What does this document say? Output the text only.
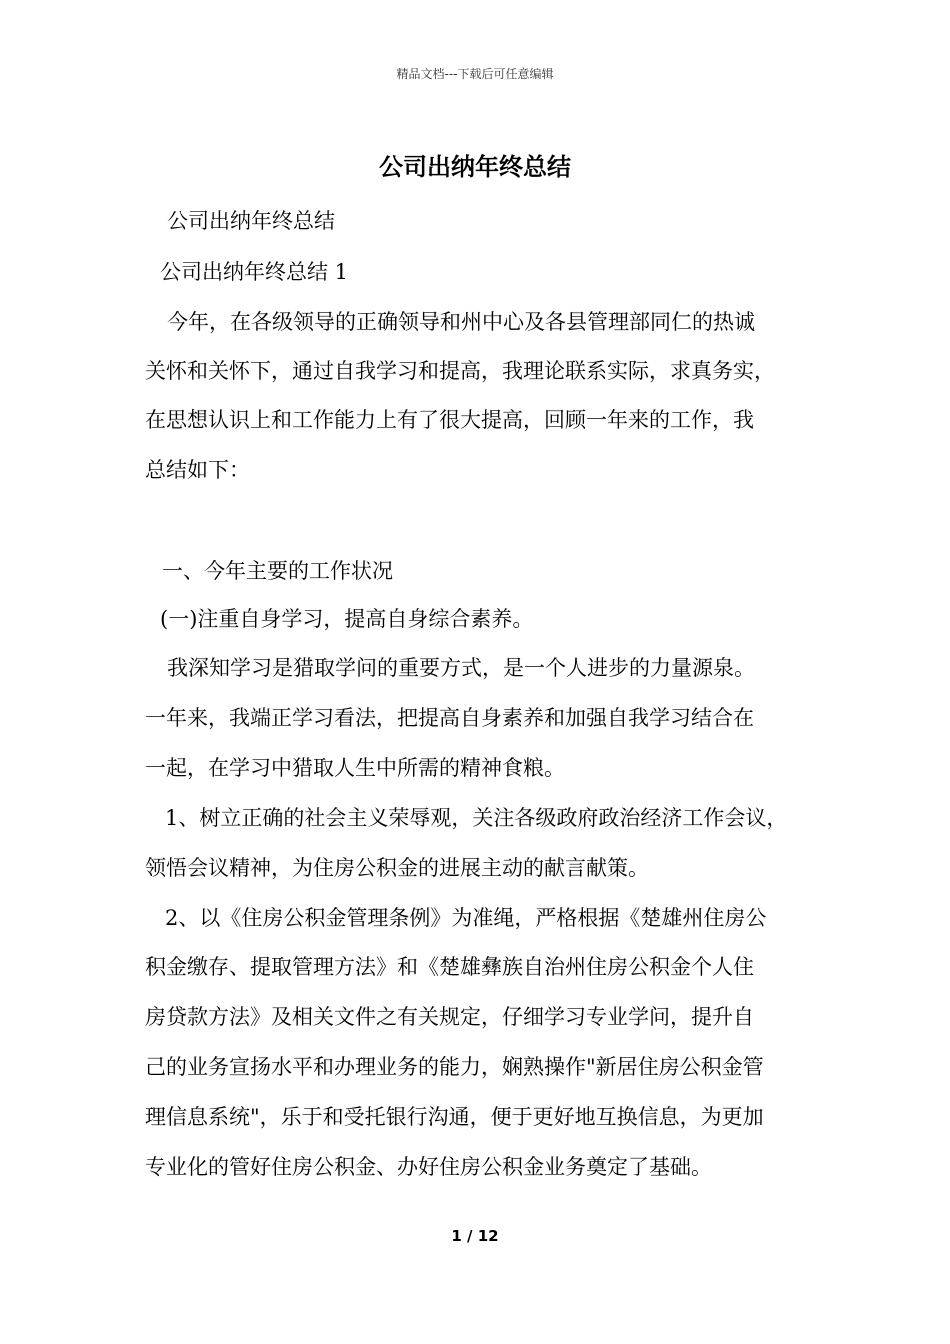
精品文档---下载后可任意编辑
公司出纳年终总结

公司出纳年终总结

公司出纳年终总结 1

今年，在各级领导的正确领导和州中心及各县管理部同仁的热诚

关怀和关怀下，通过自我学习和提高，我理论联系实际，求真务实，

在思想认识上和工作能力上有了很大提高，回顾一年来的工作，我

总结如下：

一、今年主要的工作状况

(一)注重自身学习，提高自身综合素养。

我深知学习是猎取学问的重要方式，是一个人进步的力量源泉。

一年来，我端正学习看法，把提高自身素养和加强自我学习结合在

一起，在学习中猎取人生中所需的精神食粮。

1、树立正确的社会主义荣辱观，关注各级政府政治经济工作会议，

领悟会议精神，为住房公积金的进展主动的献言献策。

2、以《住房公积金管理条例》为准绳，严格根据《楚雄州住房公

积金缴存、提取管理方法》和《楚雄彝族自治州住房公积金个人住

房贷款方法》及相关文件之有关规定，仔细学习专业学问，提升自

己的业务宣扬水平和办理业务的能力，娴熟操作"新居住房公积金管

理信息系统"，乐于和受托银行沟通，便于更好地互换信息，为更加

专业化的管好住房公积金、办好住房公积金业务奠定了基础。

1 / 12
